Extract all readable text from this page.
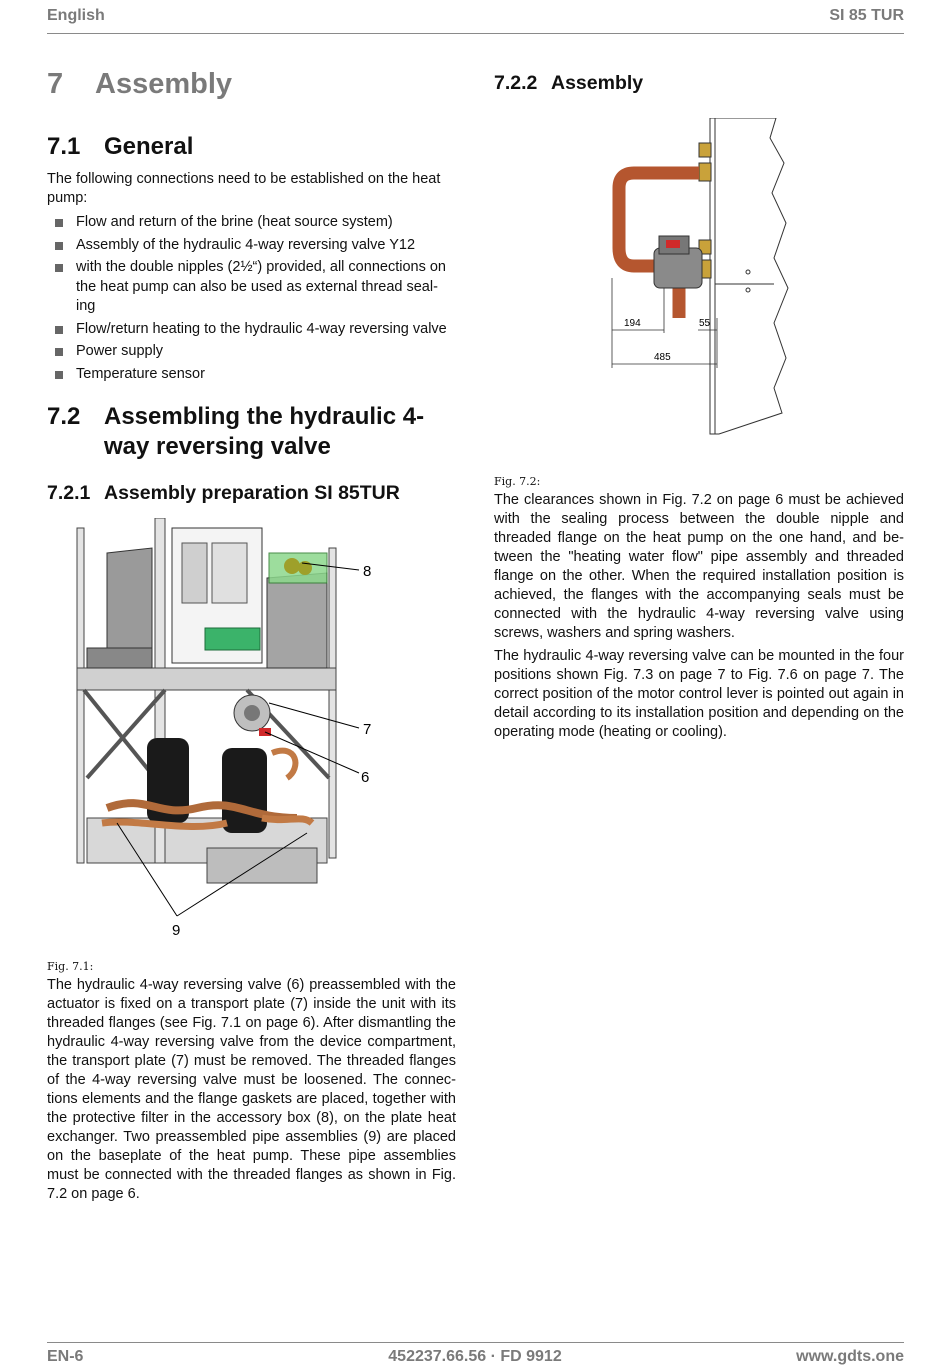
English	SI 85 TUR
7	Assembly
7.1 General

The following connections need to be established on the heat pump:

Flow and return of the brine (heat source system)
Assembly of the hydraulic 4-way reversing valve Y12
with the double nipples (2½“) provided, all connections on the heat pump can also be used as external thread seal-ing
Flow/return heating to the hydraulic 4-way reversing valve
Power supply
Temperature sensor
7.2 Assembling the hydraulic 4-way reversing valve
7.2.1 Assembly preparation SI 85TUR
8
7
6
9
Fig. 7.1:

The hydraulic 4-way reversing valve (6) preassembled with the actuator is fixed on a transport plate (7) inside the unit with its threaded flanges (see Fig. 7.1 on page 6). After dismantling the hydraulic 4-way reversing valve from the device compartment, the transport plate (7) must be removed. The threaded flanges of the 4-way reversing valve must be loosened. The connec-tions elements and the flange gaskets are placed, together with the protective filter in the accessory box (8), on the plate heat exchanger. Two preassembled pipe assemblies (9) are placed on the baseplate of the heat pump. These pipe assemblies must be connected with the threaded flanges as shown in Fig. 7.2 on page 6.

7.2.2 Assembly
194	55
485
Fig. 7.2:

The clearances shown in Fig. 7.2 on page 6 must be achieved with the sealing process between the double nipple and threaded flange on the heat pump on the one hand, and be-tween the "heating water flow" pipe assembly and threaded flange on the other. When the required installation position is achieved, the flanges with the accompanying seals must be connected with the hydraulic 4-way reversing valve using screws, washers and spring washers.

The hydraulic 4-way reversing valve can be mounted in the four positions shown Fig. 7.3 on page 7 to Fig. 7.6 on page 7. The correct position of the motor control lever is pointed out again in detail according to its installation position and depending on the operating mode (heating or cooling).

EN-6	452237.66.56 · FD 9912	www.gdts.one
